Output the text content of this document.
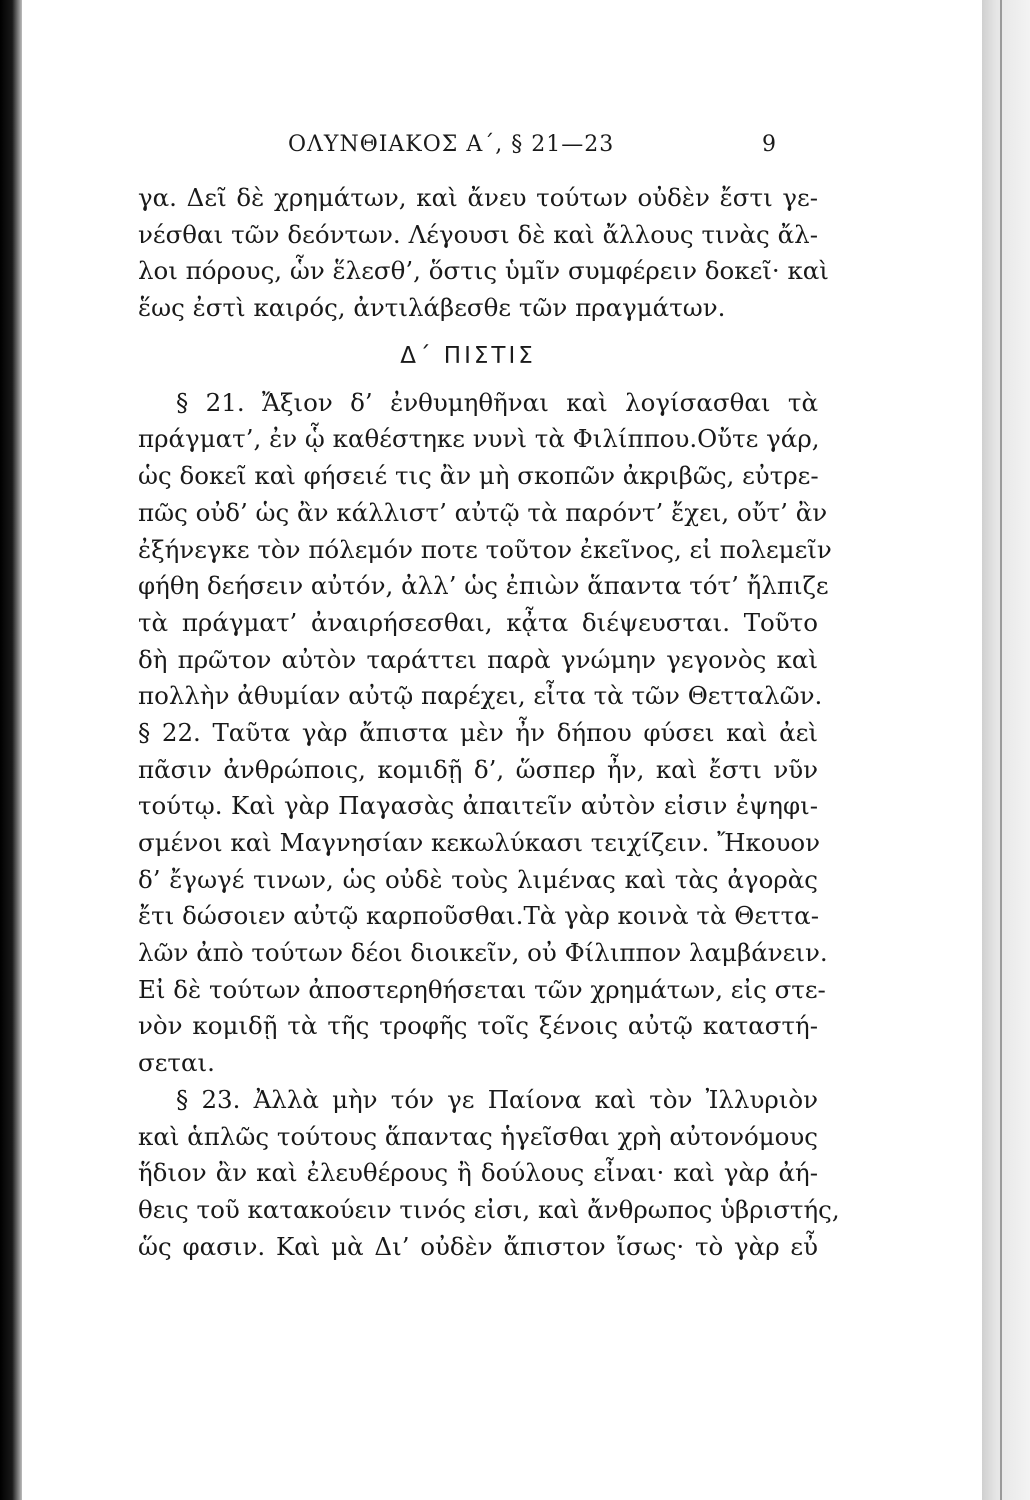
ΟΛΥΝΘΙΑΚΟΣ Α΄, § 21—23	9
γα. Δεῖ δὲ χρημάτων, καὶ ἄνευ τούτων οὐδὲν ἔστι γε-
νέσθαι τῶν δεόντων. Λέγουσι δὲ καὶ ἄλλους τινὰς ἄλ-
λοι πόρους, ὧν ἕλεσθ’, ὅστις ὑμῖν συμφέρειν δοκεῖ· καὶ
ἕως ἐστὶ καιρός, ἀντιλάβεσθε τῶν πραγμάτων.
Δ΄ ΠΙΣΤΙΣ
§ 21. Ἄξιον δ’ ἐνθυμηθῆναι καὶ λογίσασθαι τὰ
πράγματ’, ἐν ᾧ καθέστηκε νυνὶ τὰ Φιλίππου.Οὔτε γάρ,
ὡς δοκεῖ καὶ φήσειέ τις ἂν μὴ σκοπῶν ἀκριβῶς, εὐτρε-
πῶς οὐδ’ ὡς ἂν κάλλιστ’ αὐτῷ τὰ παρόντ’ ἔχει, οὔτ’ ἂν
ἐξήνεγκε τὸν πόλεμόν ποτε τοῦτον ἐκεῖνος, εἰ πολεμεῖν
φήθη δεήσειν αὐτόν, ἀλλ’ ὡς ἐπιὼν ἅπαντα τότ’ ἤλπιζε
τὰ πράγματ’ ἀναιρήσεσθαι, κᾆτα διέψευσται. Τοῦτο
δὴ πρῶτον αὐτὸν ταράττει παρὰ γνώμην γεγονὸς καὶ
πολλὴν ἀθυμίαν αὐτῷ παρέχει, εἶτα τὰ τῶν Θετταλῶν.
§ 22. Ταῦτα γὰρ ἄπιστα μὲν ἦν δήπου φύσει καὶ ἀεὶ
πᾶσιν ἀνθρώποις, κομιδῇ δ’, ὥσπερ ἦν, καὶ ἔστι νῦν
τούτῳ. Καὶ γὰρ Παγασὰς ἀπαιτεῖν αὐτὸν εἰσιν ἐψηφι-
σμένοι καὶ Μαγνησίαν κεκωλύκασι τειχίζειν. Ἤκουον
δ’ ἔγωγέ τινων, ὡς οὐδὲ τοὺς λιμένας καὶ τὰς ἀγορὰς
ἔτι δώσοιεν αὐτῷ καρποῦσθαι.Τὰ γὰρ κοινὰ τὰ Θεττα-
λῶν ἀπὸ τούτων δέοι διοικεῖν, οὐ Φίλιππον λαμβάνειν.
Εἰ δὲ τούτων ἀποστερηθήσεται τῶν χρημάτων, εἰς στε-
νὸν κομιδῇ τὰ τῆς τροφῆς τοῖς ξένοις αὐτῷ καταστή-
σεται.
§ 23. Ἀλλὰ μὴν τόν γε Παίονα καὶ τὸν Ἰλλυριὸν
καὶ ἁπλῶς τούτους ἅπαντας ἡγεῖσθαι χρὴ αὐτονόμους
ἥδιον ἂν καὶ ἐλευθέρους ἢ δούλους εἶναι· καὶ γὰρ ἀή-
θεις τοῦ κατακούειν τινός εἰσι, καὶ ἄνθρωπος ὑβριστής,
ὥς φασιν. Καὶ μὰ Δι’ οὐδὲν ἄπιστον ἴσως· τὸ γὰρ εὖ
